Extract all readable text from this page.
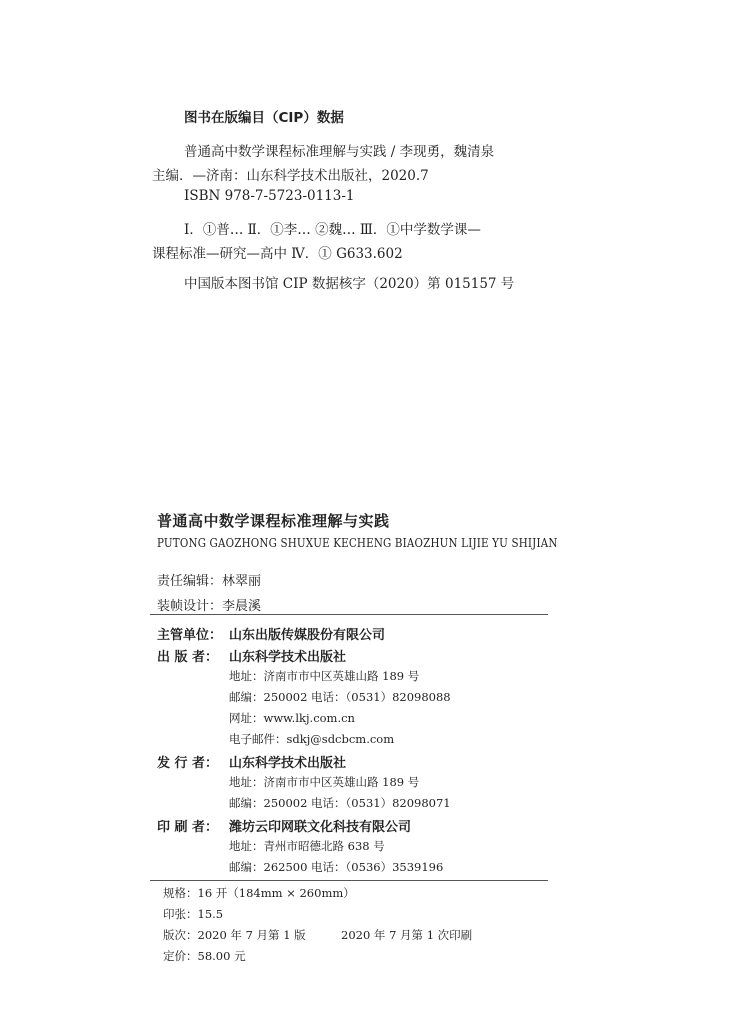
图书在版编目（CIP）数据
普通高中数学课程标准理解与实践 / 李现勇，魏清泉
主编．—济南：山东科学技术出版社，2020.7
ISBN 978-7-5723-0113-1
Ⅰ．①普… Ⅱ．①李… ②魏… Ⅲ．①中学数学课—
课程标准—研究—高中 Ⅳ．① G633.602
中国版本图书馆 CIP 数据核字（2020）第 015157 号
普通高中数学课程标准理解与实践
PUTONG GAOZHONG SHUXUE KECHENG BIAOZHUN LIJIE YU SHIJIAN
责任编辑：林翠丽
装帧设计：李晨溪
主管单位： 山东出版传媒股份有限公司
出 版 者： 山东科学技术出版社
地址：济南市市中区英雄山路 189 号
邮编：250002 电话：（0531）82098088
网址：www.lkj.com.cn
电子邮件：sdkj@sdcbcm.com
发 行 者： 山东科学技术出版社
地址：济南市市中区英雄山路 189 号
邮编：250002 电话：（0531）82098071
印 刷 者： 潍坊云印网联文化科技有限公司
地址：青州市昭德北路 638 号
邮编：262500 电话：（0536）3539196
规格：16 开（184mm × 260mm）
印张：15.5
版次：2020 年 7 月第 1 版	2020 年 7 月第 1 次印刷
定价：58.00 元
